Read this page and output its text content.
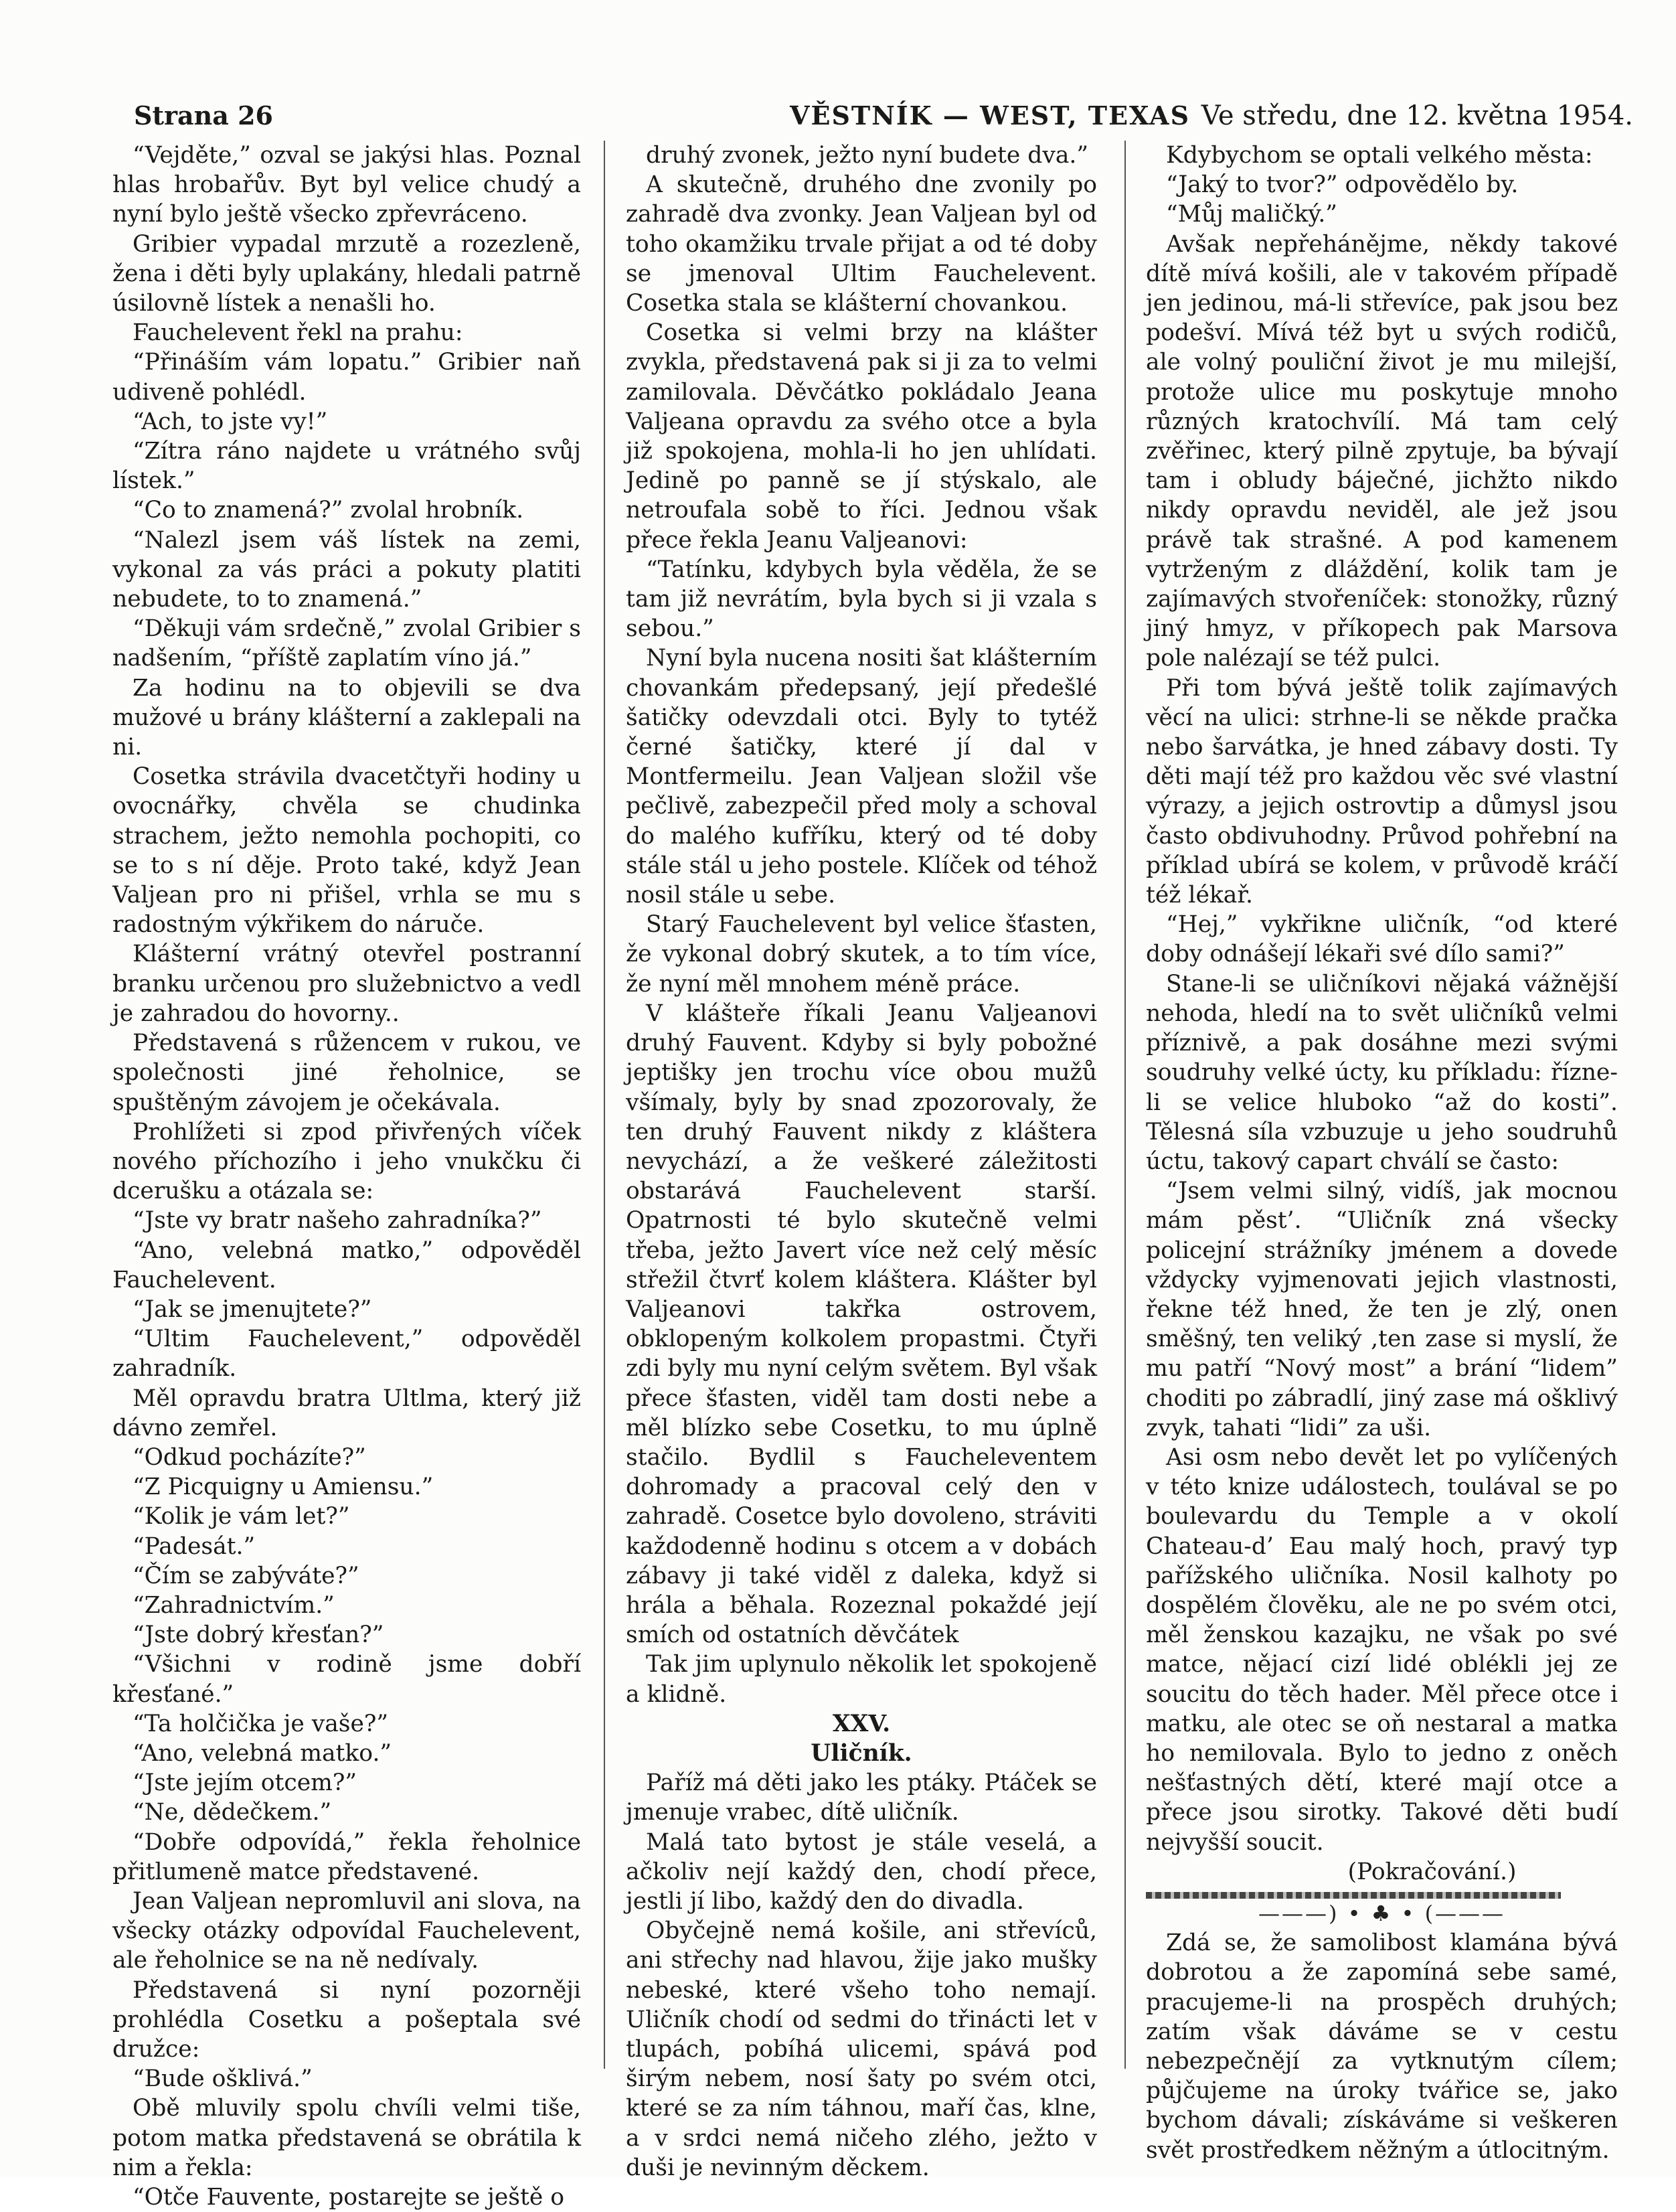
Strana 26	VĚSTNÍK — WEST, TEXAS Ve středu, dne 12. května 1954.

“Vejděte,” ozval se jakýsi hlas. Poznal hlas hrobařův. Byt byl velice chudý a nyní bylo ještě všecko zpřevráceno.

Gribier vypadal mrzutě a rozezleně, žena i děti byly uplakány, hledali patrně úsilovně lístek a nenašli ho.

Fauchelevent řekl na prahu:

“Přináším vám lopatu.” Gribier naň udiveně pohlédl.

“Ach, to jste vy!”

“Zítra ráno najdete u vrátného svůj lístek.”

“Co to znamená?” zvolal hrobník.

“Nalezl jsem váš lístek na zemi, vykonal za vás práci a pokuty platiti nebudete, to to znamená.”

“Děkuji vám srdečně,” zvolal Gribier s nadšením, “příště zaplatím víno já.”

Za hodinu na to objevili se dva mužové u brány klášterní a zaklepali na ni.

Cosetka strávila dvacetčtyři hodiny u ovocnářky, chvěla se chudinka strachem, ježto nemohla pochopiti, co se to s ní děje. Proto také, když Jean Valjean pro ni přišel, vrhla se mu s radostným výkřikem do náruče.

Klášterní vrátný otevřel postranní branku určenou pro služebnictvo a vedl je zahradou do hovorny..

Představená s růžencem v rukou, ve společnosti jiné řeholnice, se spuštěným závojem je očekávala.

Prohlížeti si zpod přivřených víček nového příchozího i jeho vnukčku či dcerušku a otázala se:

“Jste vy bratr našeho zahradníka?”

“Ano, velebná matko,” odpověděl Fauchelevent.

“Jak se jmenujtete?”

“Ultim Fauchelevent,” odpověděl zahradník.

Měl opravdu bratra Ultlma, který již dávno zemřel.

“Odkud pocházíte?”

“Z Picquigny u Amiensu.”

“Kolik je vám let?”

“Padesát.”

“Čím se zabýváte?”

“Zahradnictvím.”

“Jste dobrý křesťan?”

“Všichni v rodině jsme dobří křesťané.”

“Ta holčička je vaše?”

“Ano, velebná matko.”

“Jste jejím otcem?”

“Ne, dědečkem.”

“Dobře odpovídá,” řekla řeholnice přitlumeně matce představené.

Jean Valjean nepromluvil ani slova, na všecky otázky odpovídal Fauchelevent, ale řeholnice se na ně nedívaly.

Představená si nyní pozorněji prohlédla Cosetku a pošeptala své družce:

“Bude ošklivá.”

Obě mluvily spolu chvíli velmi tiše, potom matka představená se obrátila k nim a řekla:

“Otče Fauvente, postarejte se ještě o

druhý zvonek, ježto nyní budete dva.”

A skutečně, druhého dne zvonily po zahradě dva zvonky. Jean Valjean byl od toho okamžiku trvale přijat a od té doby se jmenoval Ultim Fauchelevent. Cosetka stala se klášterní chovankou.

Cosetka si velmi brzy na klášter zvykla, představená pak si ji za to velmi zamilovala. Děvčátko pokládalo Jeana Valjeana opravdu za svého otce a byla již spokojena, mohla-li ho jen uhlídati. Jedině po panně se jí stýskalo, ale netroufala sobě to říci. Jednou však přece řekla Jeanu Valjeanovi:

“Tatínku, kdybych byla věděla, že se tam již nevrátím, byla bych si ji vzala s sebou.”

Nyní byla nucena nositi šat klášterním chovankám předepsaný, její předešlé šatičky odevzdali otci. Byly to tytéž černé šatičky, které jí dal v Montfermeilu. Jean Valjean složil vše pečlivě, zabezpečil před moly a schoval do malého kufříku, který od té doby stále stál u jeho postele. Klíček od téhož nosil stále u sebe.

Starý Fauchelevent byl velice šťasten, že vykonal dobrý skutek, a to tím více, že nyní měl mnohem méně práce.

V klášteře říkali Jeanu Valjeanovi druhý Fauvent. Kdyby si byly pobožné jeptišky jen trochu více obou mužů všímaly, byly by snad zpozorovaly, že ten druhý Fauvent nikdy z kláštera nevychází, a že veškeré záležitosti obstarává Fauchelevent starší. Opatrnosti té bylo skutečně velmi třeba, ježto Javert více než celý měsíc střežil čtvrť kolem kláštera. Klášter byl Valjeanovi takřka ostrovem, obklopeným kolkolem propastmi. Čtyři zdi byly mu nyní celým světem. Byl však přece šťasten, viděl tam dosti nebe a měl blízko sebe Cosetku, to mu úplně stačilo. Bydlil s Faucheleventem dohromady a pracoval celý den v zahradě. Cosetce bylo dovoleno, stráviti každodenně hodinu s otcem a v dobách zábavy ji také viděl z daleka, když si hrála a běhala. Rozeznal pokaždé její smích od ostatních děvčátek

Tak jim uplynulo několik let spokojeně a klidně.

XXV.

Uličník.

Paříž má děti jako les ptáky. Ptáček se jmenuje vrabec, dítě uličník.

Malá tato bytost je stále veselá, a ačkoliv nejí každý den, chodí přece, jestli jí libo, každý den do divadla.

Obyčejně nemá košile, ani střevíců, ani střechy nad hlavou, žije jako mušky nebeské, které všeho toho nemají. Uličník chodí od sedmi do třinácti let v tlupách, pobíhá ulicemi, spává pod širým nebem, nosí šaty po svém otci, které se za ním táhnou, maří čas, klne, a v srdci nemá ničeho zlého, ježto v duši je nevinným děckem.

Kdybychom se optali velkého města:

“Jaký to tvor?” odpovědělo by.

“Můj maličký.”

Avšak nepřehánějme, někdy takové dítě mívá košili, ale v takovém případě jen jedinou, má-li střevíce, pak jsou bez podešví. Mívá též byt u svých rodičů, ale volný pouliční život je mu milejší, protože ulice mu poskytuje mnoho různých kratochvílí. Má tam celý zvěřinec, který pilně zpytuje, ba bývají tam i obludy báječné, jichžto nikdo nikdy opravdu neviděl, ale jež jsou právě tak strašné. A pod kamenem vytrženým z dláždění, kolik tam je zajímavých stvořeníček: stonožky, různý jiný hmyz, v příkopech pak Marsova pole nalézají se též pulci.

Při tom bývá ještě tolik zajímavých věcí na ulici: strhne-li se někde pračka nebo šarvátka, je hned zábavy dosti. Ty děti mají též pro každou věc své vlastní výrazy, a jejich ostrovtip a důmysl jsou často obdivuhodny. Průvod pohřební na příklad ubírá se kolem, v průvodě kráčí též lékař.

“Hej,” vykřikne uličník, “od které doby odnášejí lékaři své dílo sami?”

Stane-li se uličníkovi nějaká vážnější nehoda, hledí na to svět uličníků velmi příznivě, a pak dosáhne mezi svými soudruhy velké úcty, ku příkladu: řízne-li se velice hluboko “až do kosti”. Tělesná síla vzbuzuje u jeho soudruhů úctu, takový capart chválí se často:

“Jsem velmi silný, vidíš, jak mocnou mám pěst’. “Uličník zná všecky policejní strážníky jménem a dovede vždycky vyjmenovati jejich vlastnosti, řekne též hned, že ten je zlý, onen směšný, ten veliký ,ten zase si myslí, že mu patří “Nový most” a brání “lidem” choditi po zábradlí, jiný zase má ošklivý zvyk, tahati “lidi” za uši.

Asi osm nebo devět let po vylíčených v této knize událostech, toulával se po boulevardu du Temple a v okolí Chateau-d’ Eau malý hoch, pravý typ pařížského uličníka. Nosil kalhoty po dospělém člověku, ale ne po svém otci, měl ženskou kazajku, ne však po své matce, nějací cizí lidé oblékli jej ze soucitu do těch hader. Měl přece otce i matku, ale otec se oň nestaral a matka ho nemilovala. Bylo to jedno z oněch nešťastných dětí, které mají otce a přece jsou sirotky. Takové děti budí nejvyšší soucit.

(Pokračování.)

———) • ♣ • (———

Zdá se, že samolibost klamána bývá dobrotou a že zapomíná sebe samé, pracujeme-li na prospěch druhých; zatím však dáváme se v cestu nebezpečnějí za vytknutým cílem; půjčujeme na úroky tvářice se, jako bychom dávali; získáváme si veškeren svět prostředkem něžným a útlocitným.
